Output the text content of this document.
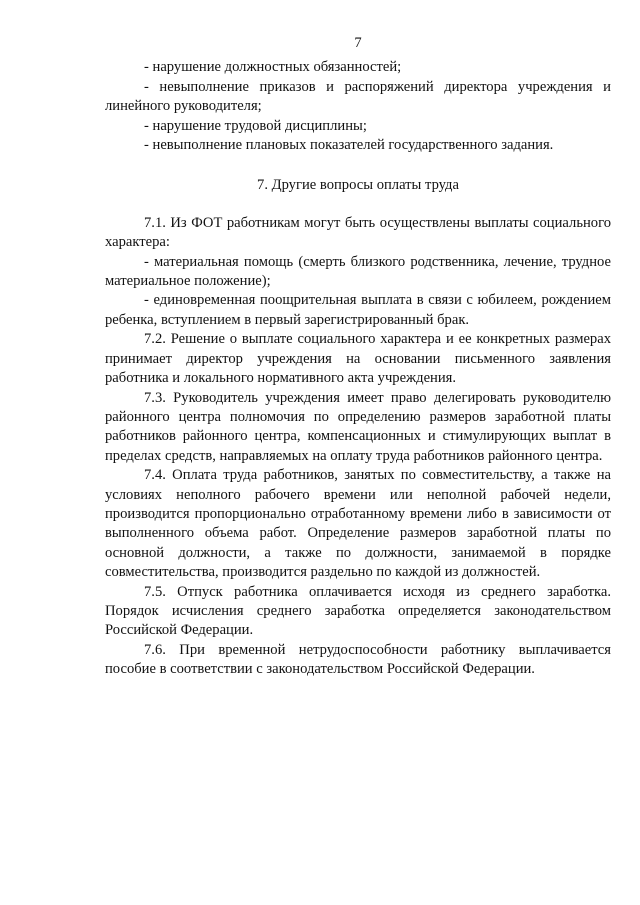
7

- нарушение должностных обязанностей;

- невыполнение приказов и распоряжений директора учреждения и линейного руководителя;

- нарушение трудовой дисциплины;

- невыполнение плановых показателей государственного задания.

7. Другие вопросы оплаты труда

7.1. Из ФОТ работникам могут быть осуществлены выплаты социального характера:

- материальная помощь (смерть близкого родственника, лечение, трудное материальное положение);

- единовременная поощрительная выплата в связи с юбилеем, рождением ребенка, вступлением в первый зарегистрированный брак.

7.2. Решение о выплате социального характера и ее конкретных размерах принимает директор учреждения на основании письменного заявления работника и локального нормативного акта учреждения.

7.3. Руководитель учреждения имеет право делегировать руководителю районного центра полномочия по определению размеров заработной платы работников районного центра, компенсационных и стимулирующих выплат в пределах средств, направляемых на оплату труда работников районного центра.

7.4. Оплата труда работников, занятых по совместительству, а также на условиях неполного рабочего времени или неполной рабочей недели, производится пропорционально отработанному времени либо в зависимости от выполненного объема работ. Определение размеров заработной платы по основной должности, а также по должности, занимаемой в порядке совместительства, производится раздельно по каждой из должностей.

7.5. Отпуск работника оплачивается исходя из среднего заработка. Порядок исчисления среднего заработка определяется законодательством Российской Федерации.

7.6. При временной нетрудоспособности работнику выплачивается пособие в соответствии с законодательством Российской Федерации.
